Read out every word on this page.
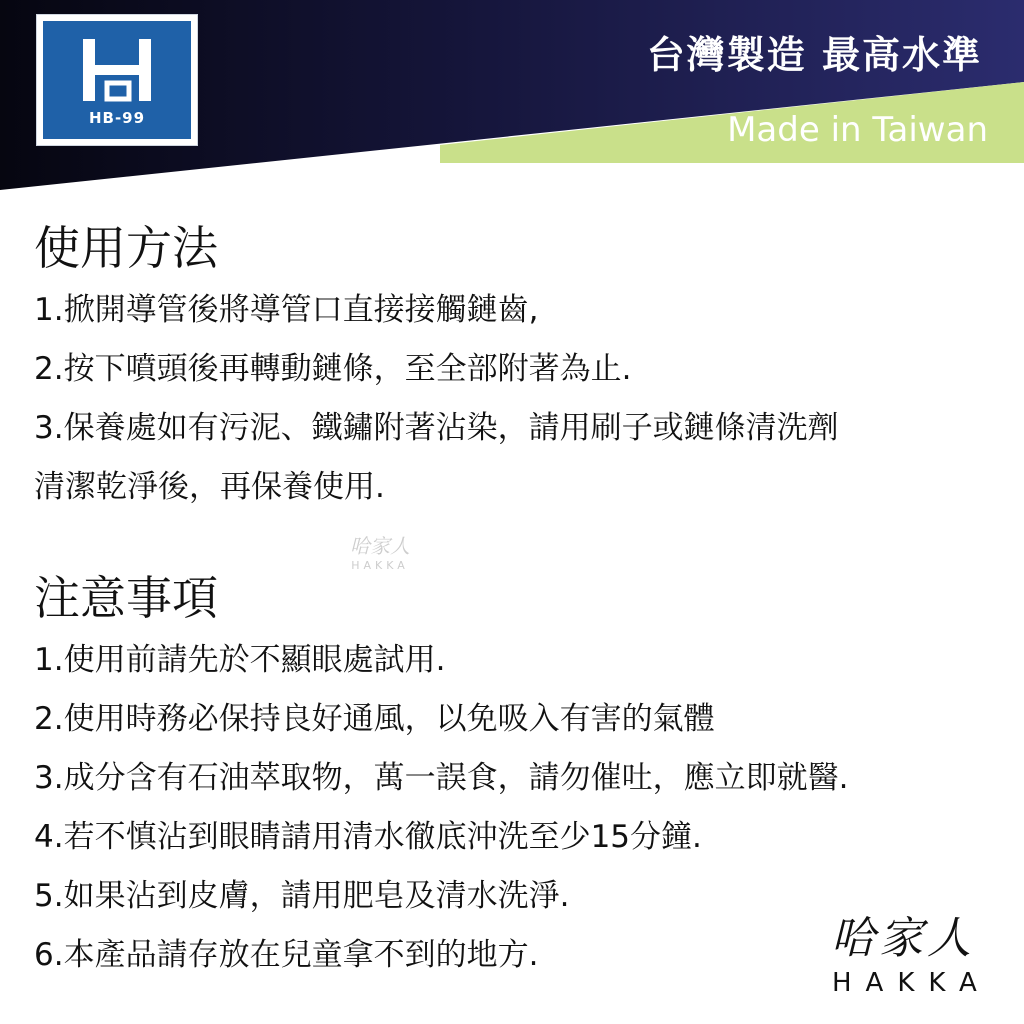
HB-99
台灣製造 最高水準
Made in Taiwan
使用方法
1.掀開導管後將導管口直接接觸鏈齒,
2.按下噴頭後再轉動鏈條，至全部附著為止.
3.保養處如有污泥、鐵鏽附著沾染，請用刷子或鏈條清洗劑
清潔乾淨後，再保養使用.
哈家人
HAKKA
注意事項
1.使用前請先於不顯眼處試用.
2.使用時務必保持良好通風，以免吸入有害的氣體
3.成分含有石油萃取物，萬一誤食，請勿催吐，應立即就醫.
4.若不慎沾到眼睛請用清水徹底沖洗至少15分鐘.
5.如果沾到皮膚，請用肥皂及清水洗淨.
6.本產品請存放在兒童拿不到的地方.	哈家人
HAKKA
